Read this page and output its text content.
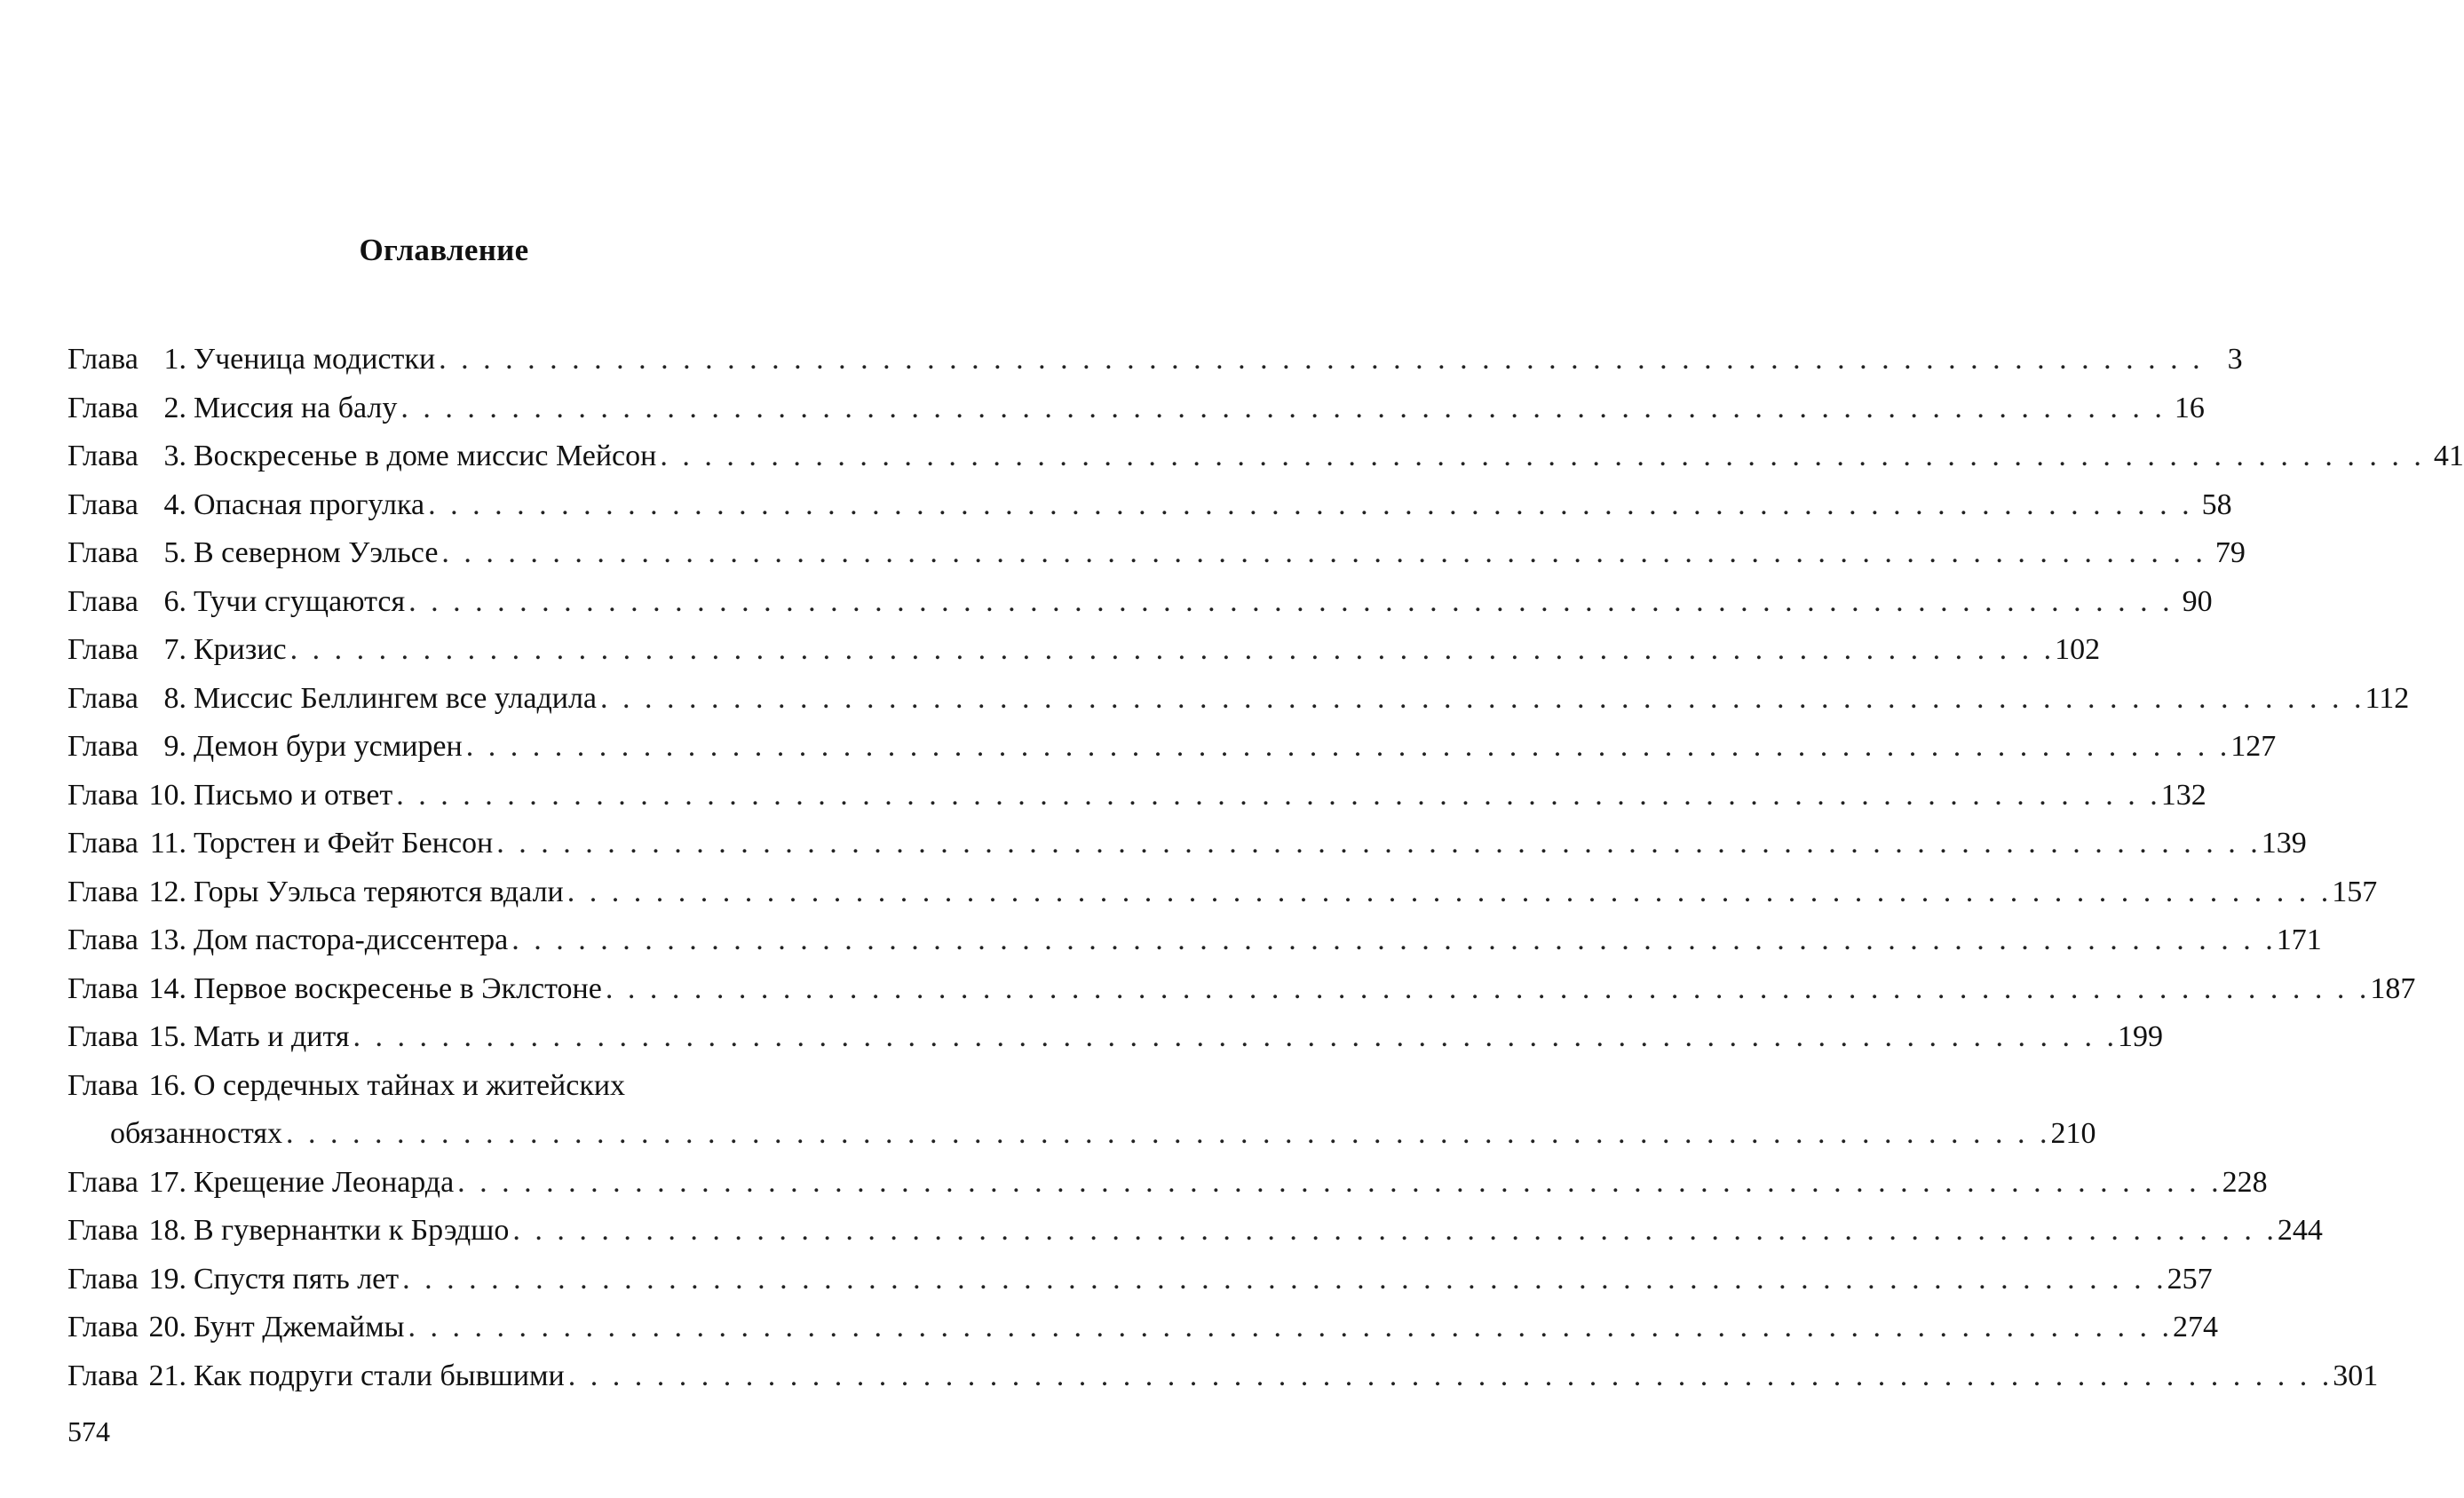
Оглавление
Глава 1. Ученица модистки . . .	3
Глава 2. Миссия на балу . . .	16
Глава 3. Воскресенье в доме миссис Мейсон . . .	41
Глава 4. Опасная прогулка . . .	58
Глава 5. В северном Уэльсе . . .	79
Глава 6. Тучи сгущаются . . .	90
Глава 7. Кризис . . .	102
Глава 8. Миссис Беллингем все уладила . . .	112
Глава 9. Демон бури усмирен . . .	127
Глава 10. Письмо и ответ . . .	132
Глава 11. Торстен и Фейт Бенсон . . .	139
Глава 12. Горы Уэльса теряются вдали . . .	157
Глава 13. Дом пастора-диссентера . . .	171
Глава 14. Первое воскресенье в Эклстоне . . .	187
Глава 15. Мать и дитя . . .	199
Глава 16. О сердечных тайнах и житейских
обязанностях . . .	210
Глава 17. Крещение Леонарда . . .	228
Глава 18. В гувернантки к Брэдшо . . .	244
Глава 19. Спустя пять лет . . .	257
Глава 20. Бунт Джемаймы . . .	274
Глава 21. Как подруги стали бывшими . . .	301
574
